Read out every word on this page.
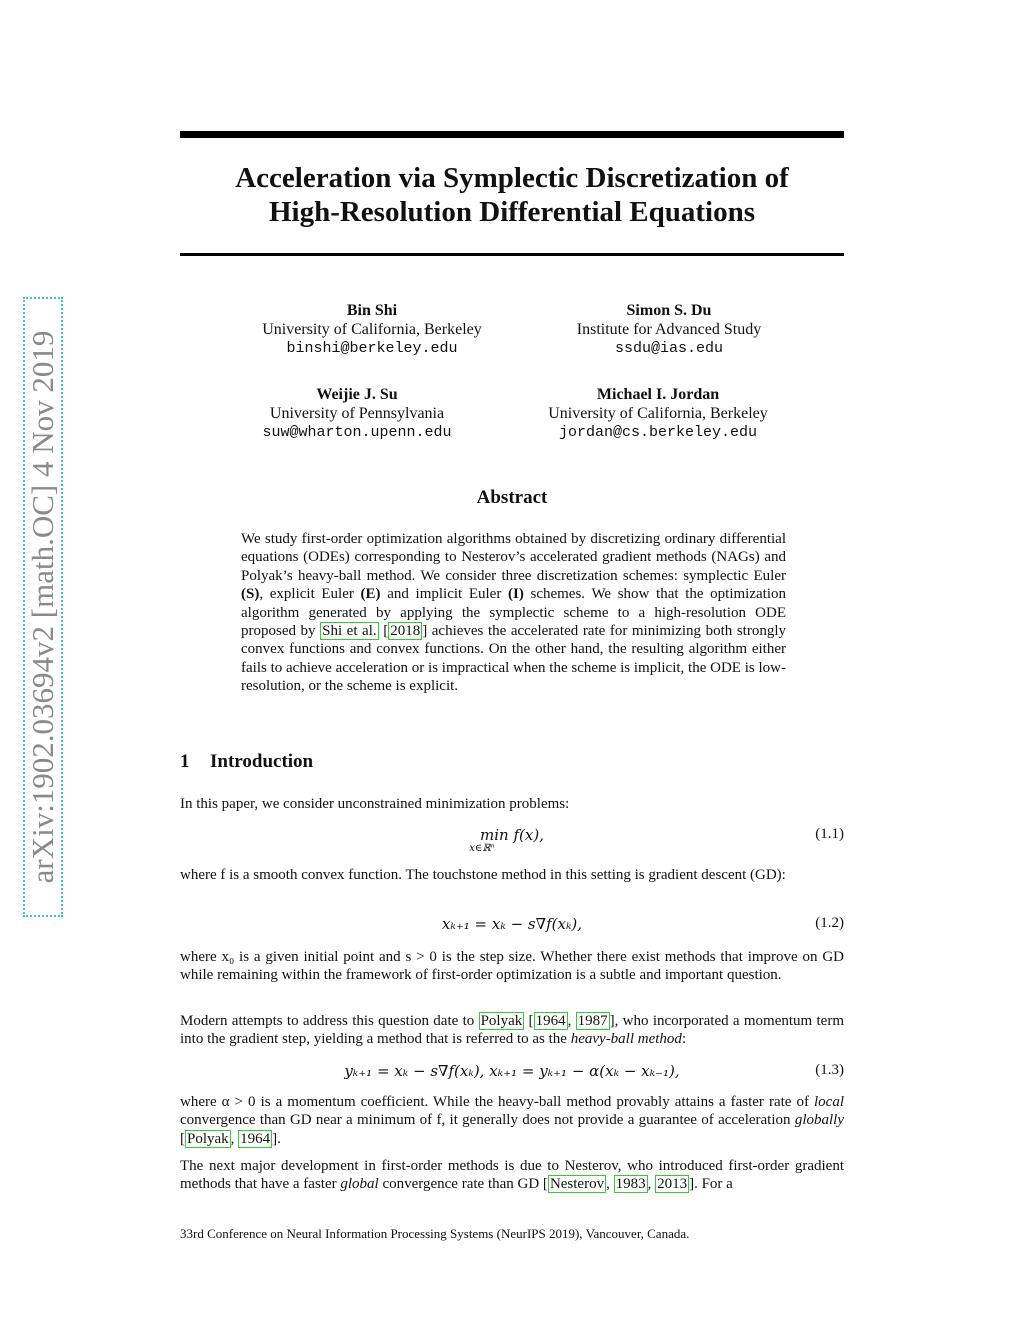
Acceleration via Symplectic Discretization of
High-Resolution Differential Equations
arXiv:1902.03694v2 [math.OC] 4 Nov 2019
Bin Shi
University of California, Berkeley
binshi@berkeley.edu
Simon S. Du
Institute for Advanced Study
ssdu@ias.edu
Weijie J. Su
University of Pennsylvania
suw@wharton.upenn.edu
Michael I. Jordan
University of California, Berkeley
jordan@cs.berkeley.edu
Abstract
We study first-order optimization algorithms obtained by discretizing ordinary differential equations (ODEs) corresponding to Nesterov’s accelerated gradient methods (NAGs) and Polyak’s heavy-ball method. We consider three discretization schemes: symplectic Euler (S), explicit Euler (E) and implicit Euler (I) schemes. We show that the optimization algorithm generated by applying the symplectic scheme to a high-resolution ODE proposed by Shi et al. [ 2018 ] achieves the accelerated rate for minimizing both strongly convex functions and convex functions. On the other hand, the resulting algorithm either fails to achieve acceleration or is impractical when the scheme is implicit, the ODE is low-resolution, or the scheme is explicit.
1 Introduction
In this paper, we consider unconstrained minimization problems:
min f(x),
x∈ℝⁿ
(1.1)
where f is a smooth convex function. The touchstone method in this setting is gradient descent (GD):
xₖ₊₁ = xₖ − s∇f(xₖ),	(1.2)
where x₀ is a given initial point and s > 0 is the step size. Whether there exist methods that improve on GD while remaining within the framework of first-order optimization is a subtle and important question.
Modern attempts to address this question date to Polyak [ 1964 , 1987 ], who incorporated a momentum term into the gradient step, yielding a method that is referred to as the heavy-ball method:
yₖ₊₁ = xₖ − s∇f(xₖ), xₖ₊₁ = yₖ₊₁ − α(xₖ − xₖ₋₁),	(1.3)
where α > 0 is a momentum coefficient. While the heavy-ball method provably attains a faster rate of local convergence than GD near a minimum of f, it generally does not provide a guarantee of acceleration globally [ Polyak , 1964 ].
The next major development in first-order methods is due to Nesterov, who introduced first-order gradient methods that have a faster global convergence rate than GD [ Nesterov , 1983 , 2013 ]. For a
33rd Conference on Neural Information Processing Systems (NeurIPS 2019), Vancouver, Canada.
